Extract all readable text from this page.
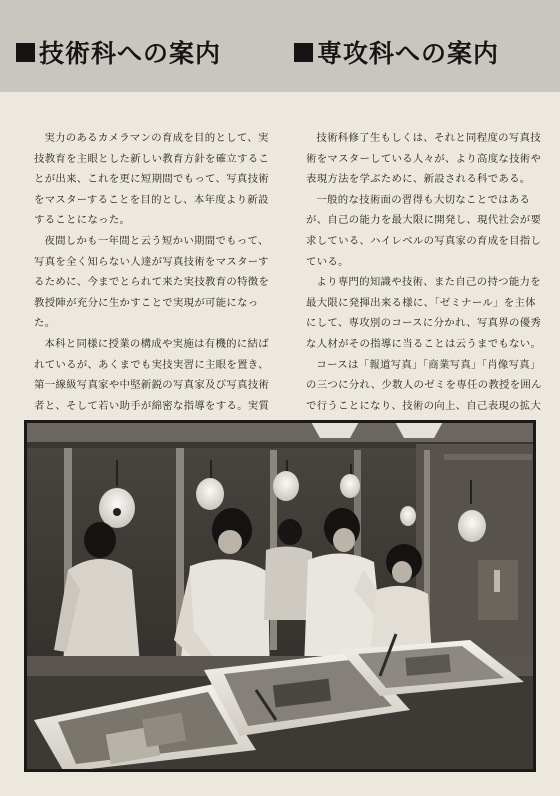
技術科への案内	専攻科への案内

実力のあるカメラマンの育成を目的として、実技教育を主眼とした新しい教育方針を確立することが出来、これを更に短期間でもって、写真技術をマスターすることを目的とし、本年度より新設することになった。

夜間しかも一年間と云う短かい期間でもって、写真を全く知らない人達が写真技術をマスターするために、今までとられて来た実技教育の特徴を教授陣が充分に生かすことで実現が可能になった。

本科と同様に授業の構成や実施は有機的に結ばれているが、あくまでも実技実習に主眼を置き、第一線級写真家や中堅新鋭の写真家及び写真技術者と、そして若い助手が綿密な指導をする。実質

技術科修了生もしくは、それと同程度の写真技術をマスターしている人々が、より高度な技術や表現方法を学ぶために、新設される科である。

一般的な技術面の習得も大切なことではあるが、自己の能力を最大限に開発し、現代社会が要求している、ハイレベルの写真家の育成を目指している。

より専門的知識や技術、また自己の持つ能力を最大限に発揮出来る様に、「ゼミナール」を主体にして、専攻別のコースに分かれ、写真界の優秀な人材がその指導に当ることは云うまでもない。

コースは「報道写真」「商業写真」「肖像写真」の三つに分れ、少数人のゼミを専任の教授を囲んで行うことになり、技術の向上、自己表現の拡大
